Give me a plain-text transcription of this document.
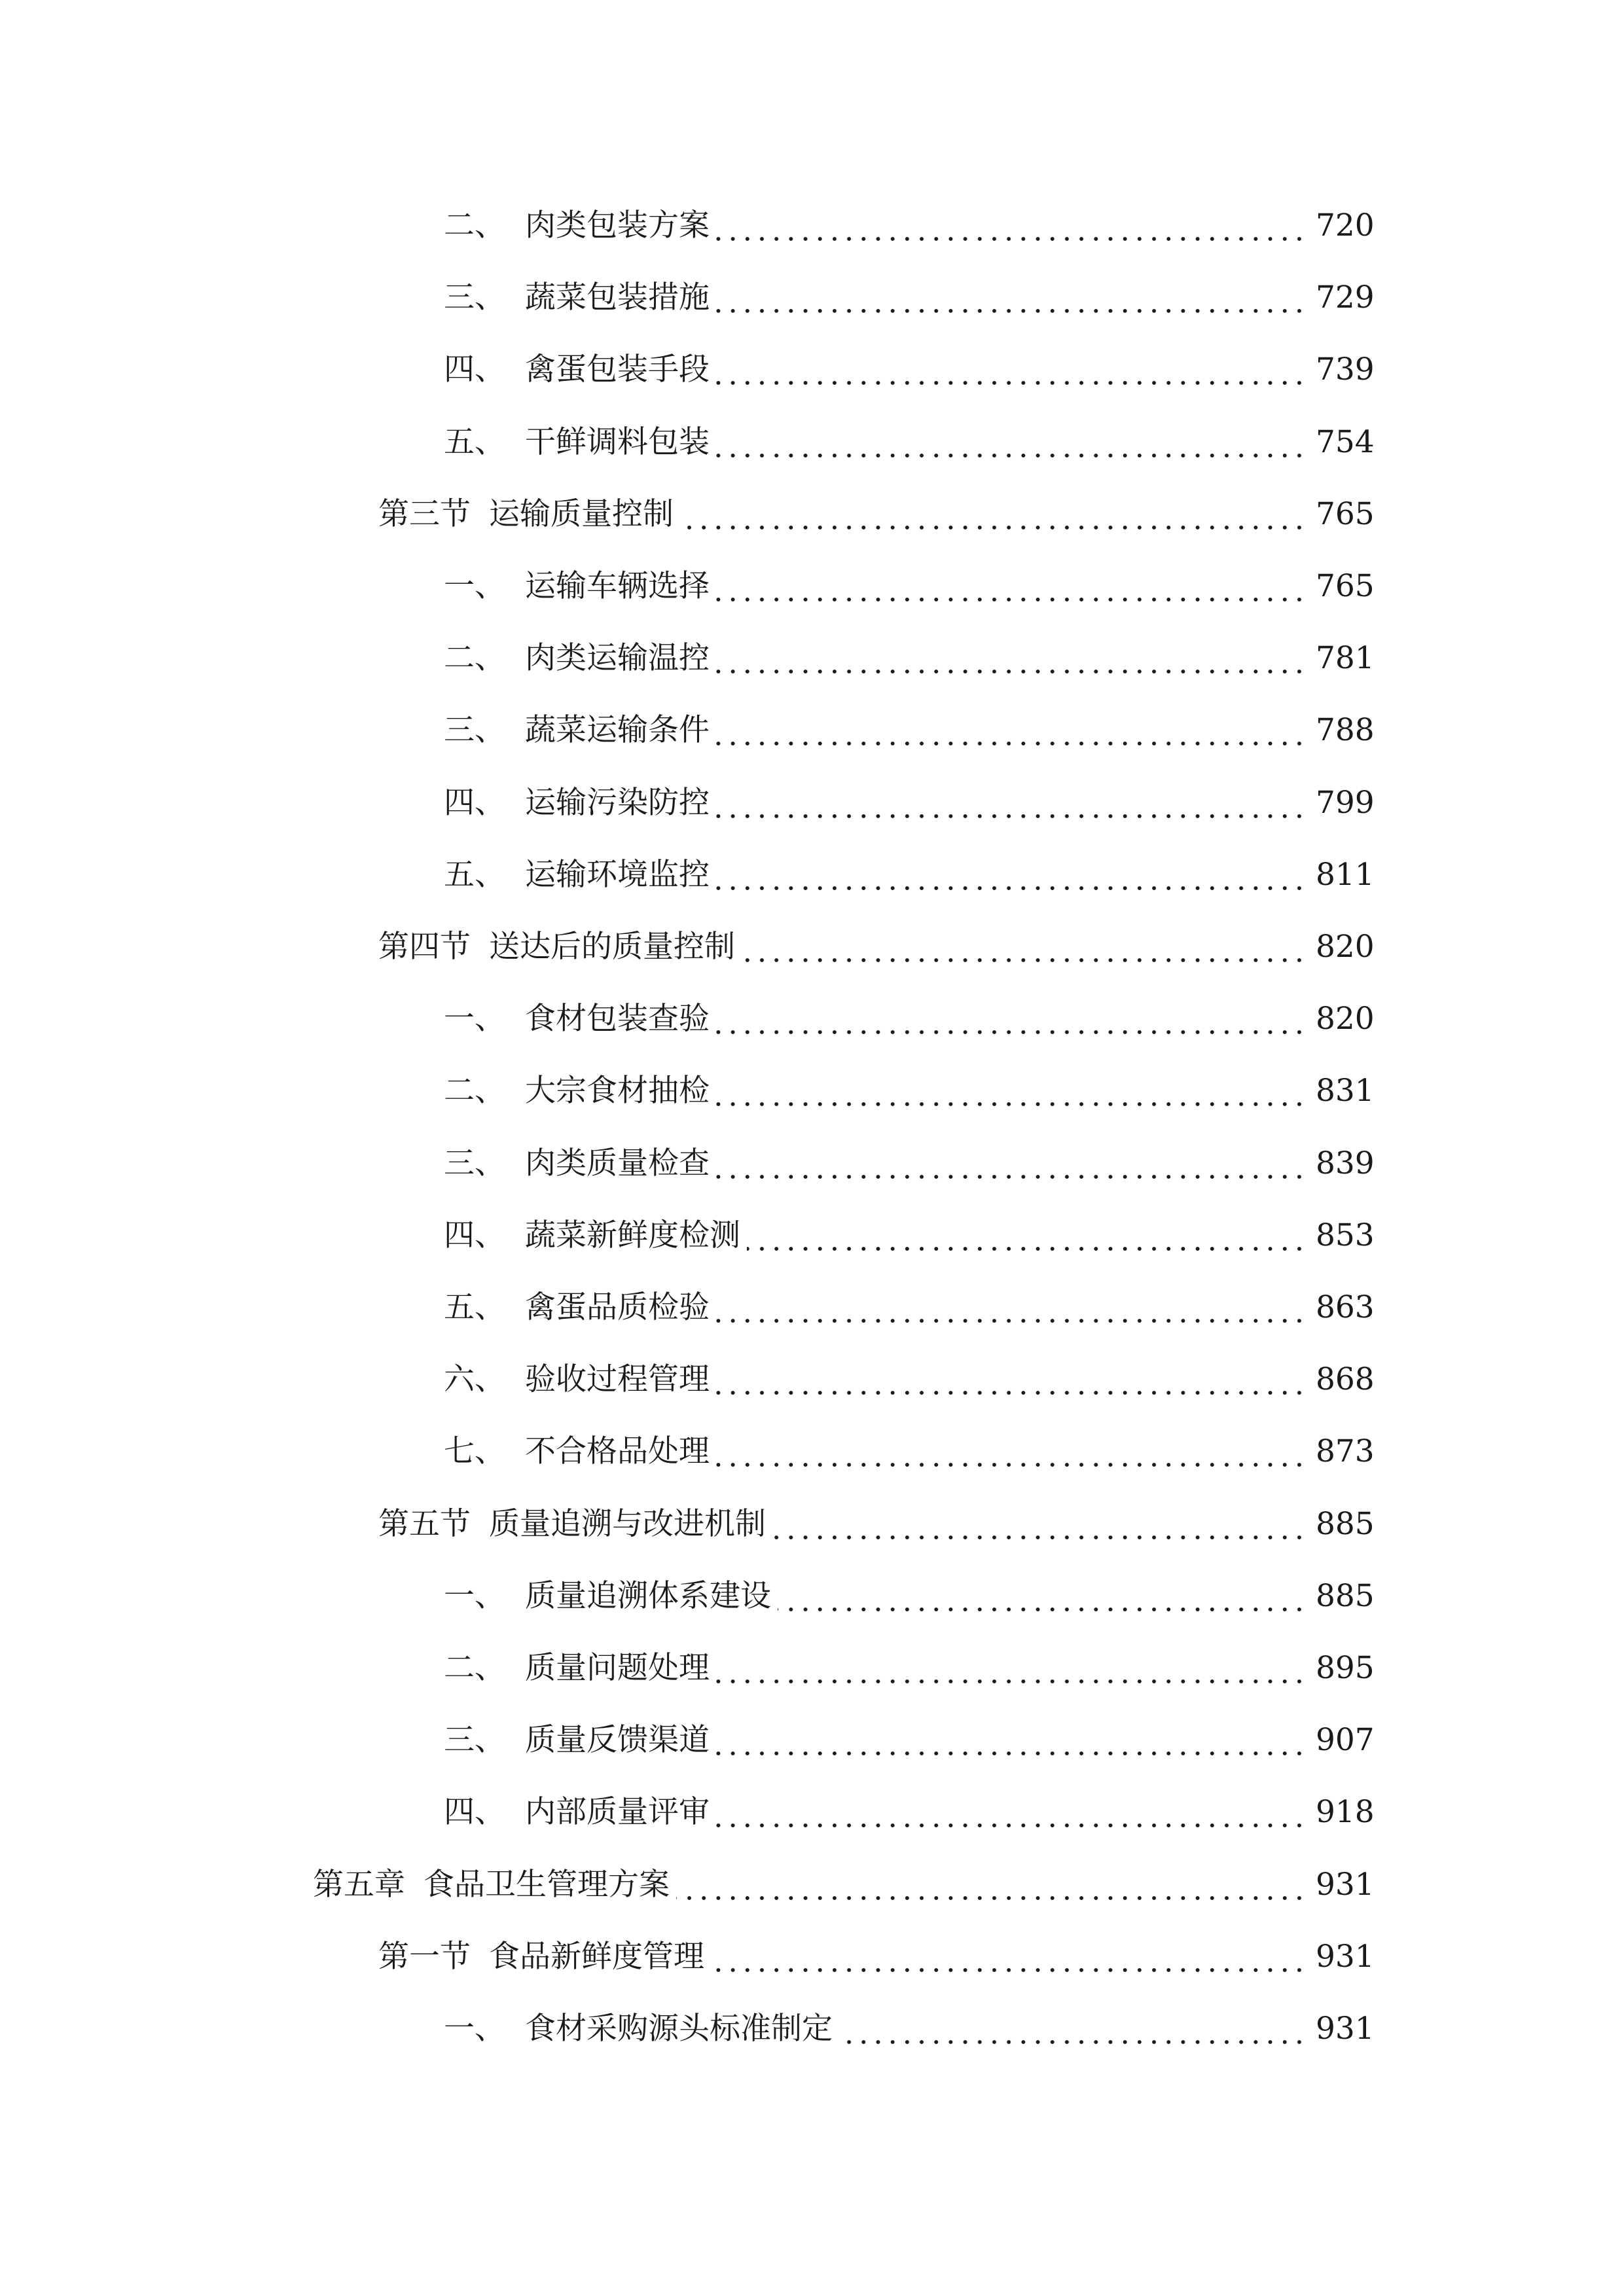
二、 肉类包装方案	720
三、 蔬菜包装措施	729
四、 禽蛋包装手段	739
五、 干鲜调料包装	754
第三节 运输质量控制	765
一、 运输车辆选择	765
二、 肉类运输温控	781
三、 蔬菜运输条件	788
四、 运输污染防控	799
五、 运输环境监控	811
第四节 送达后的质量控制	820
一、 食材包装查验	820
二、 大宗食材抽检	831
三、 肉类质量检查	839
四、 蔬菜新鲜度检测	853
五、 禽蛋品质检验	863
六、 验收过程管理	868
七、 不合格品处理	873
第五节 质量追溯与改进机制	885
一、 质量追溯体系建设	885
二、 质量问题处理	895
三、 质量反馈渠道	907
四、 内部质量评审	918
第五章 食品卫生管理方案	931
第一节 食品新鲜度管理	931
一、 食材采购源头标准制定	931
